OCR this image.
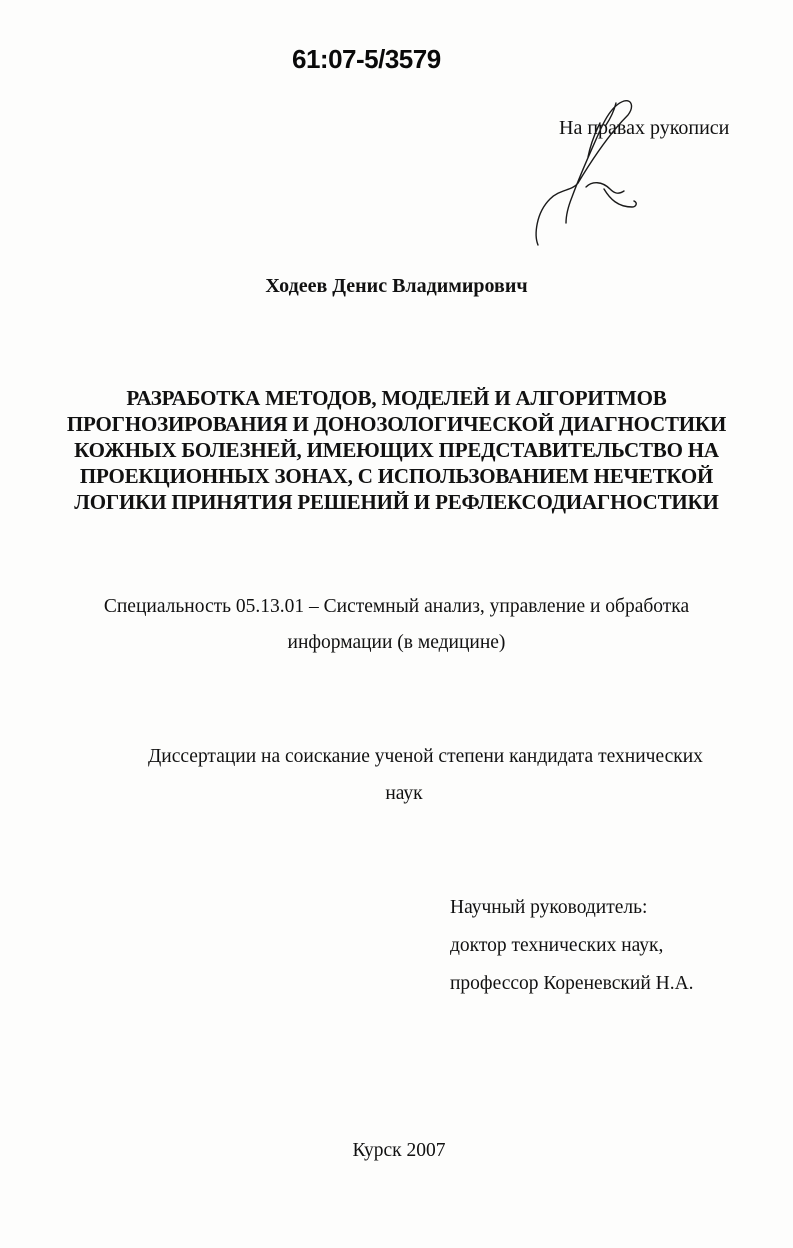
61:07-5/3579
На правах рукописи
Ходеев Денис Владимирович
РАЗРАБОТКА МЕТОДОВ, МОДЕЛЕЙ И АЛГОРИТМОВ
ПРОГНОЗИРОВАНИЯ И ДОНОЗОЛОГИЧЕСКОЙ ДИАГНОСТИКИ
КОЖНЫХ БОЛЕЗНЕЙ, ИМЕЮЩИХ ПРЕДСТАВИТЕЛЬСТВО НА
ПРОЕКЦИОННЫХ ЗОНАХ, С ИСПОЛЬЗОВАНИЕМ НЕЧЕТКОЙ
ЛОГИКИ ПРИНЯТИЯ РЕШЕНИЙ И РЕФЛЕКСОДИАГНОСТИКИ
Специальность 05.13.01 – Системный анализ, управление и обработка
информации (в медицине)
Диссертации на соискание ученой степени кандидата технических
наук
Научный руководитель:
доктор технических наук,
профессор Кореневский Н.А.
Курск 2007
